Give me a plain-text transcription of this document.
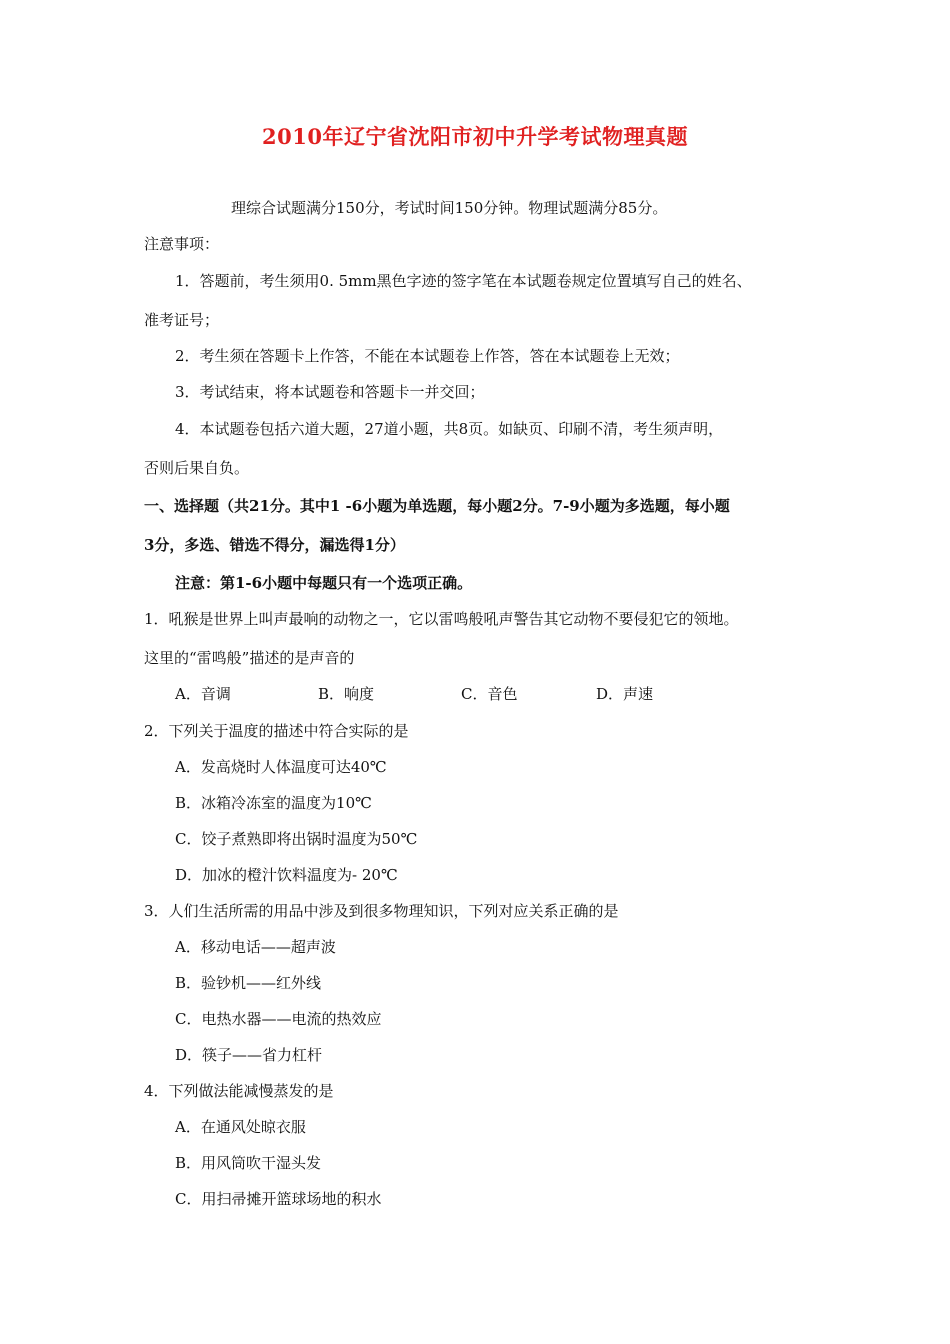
2010年辽宁省沈阳市初中升学考试物理真题
理综合试题满分150分，考试时间150分钟。物理试题满分85分。
注意事项：
1．答题前，考生须用0. 5mm黑色字迹的签字笔在本试题卷规定位置填写自己的姓名、
准考证号；
2．考生须在答题卡上作答，不能在本试题卷上作答，答在本试题卷上无效；
3．考试结束，将本试题卷和答题卡一并交回；
4．本试题卷包括六道大题，27道小题，共8页。如缺页、印刷不清，考生须声明，
否则后果自负。
一、选择题（共21分。其中1 -6小题为单选题，每小题2分。7-9小题为多选题，每小题
3分，多选、错选不得分，漏选得1分）
注意：第1-6小题中每题只有一个选项正确。
1．吼猴是世界上叫声最响的动物之一，它以雷鸣般吼声警告其它动物不要侵犯它的领地。
这里的“雷鸣般”描述的是声音的
A．音调	B．响度	C．音色	D．声速
2．下列关于温度的描述中符合实际的是
A．发高烧时人体温度可达40℃
B．冰箱冷冻室的温度为10℃
C．饺子煮熟即将出锅时温度为50℃
D．加冰的橙汁饮料温度为- 20℃
3．人们生活所需的用品中涉及到很多物理知识，下列对应关系正确的是
A．移动电话——超声波
B．验钞机——红外线
C．电热水器——电流的热效应
D．筷子——省力杠杆
4．下列做法能减慢蒸发的是
A．在通风处晾衣服
B．用风筒吹干湿头发
C．用扫帚摊开篮球场地的积水
